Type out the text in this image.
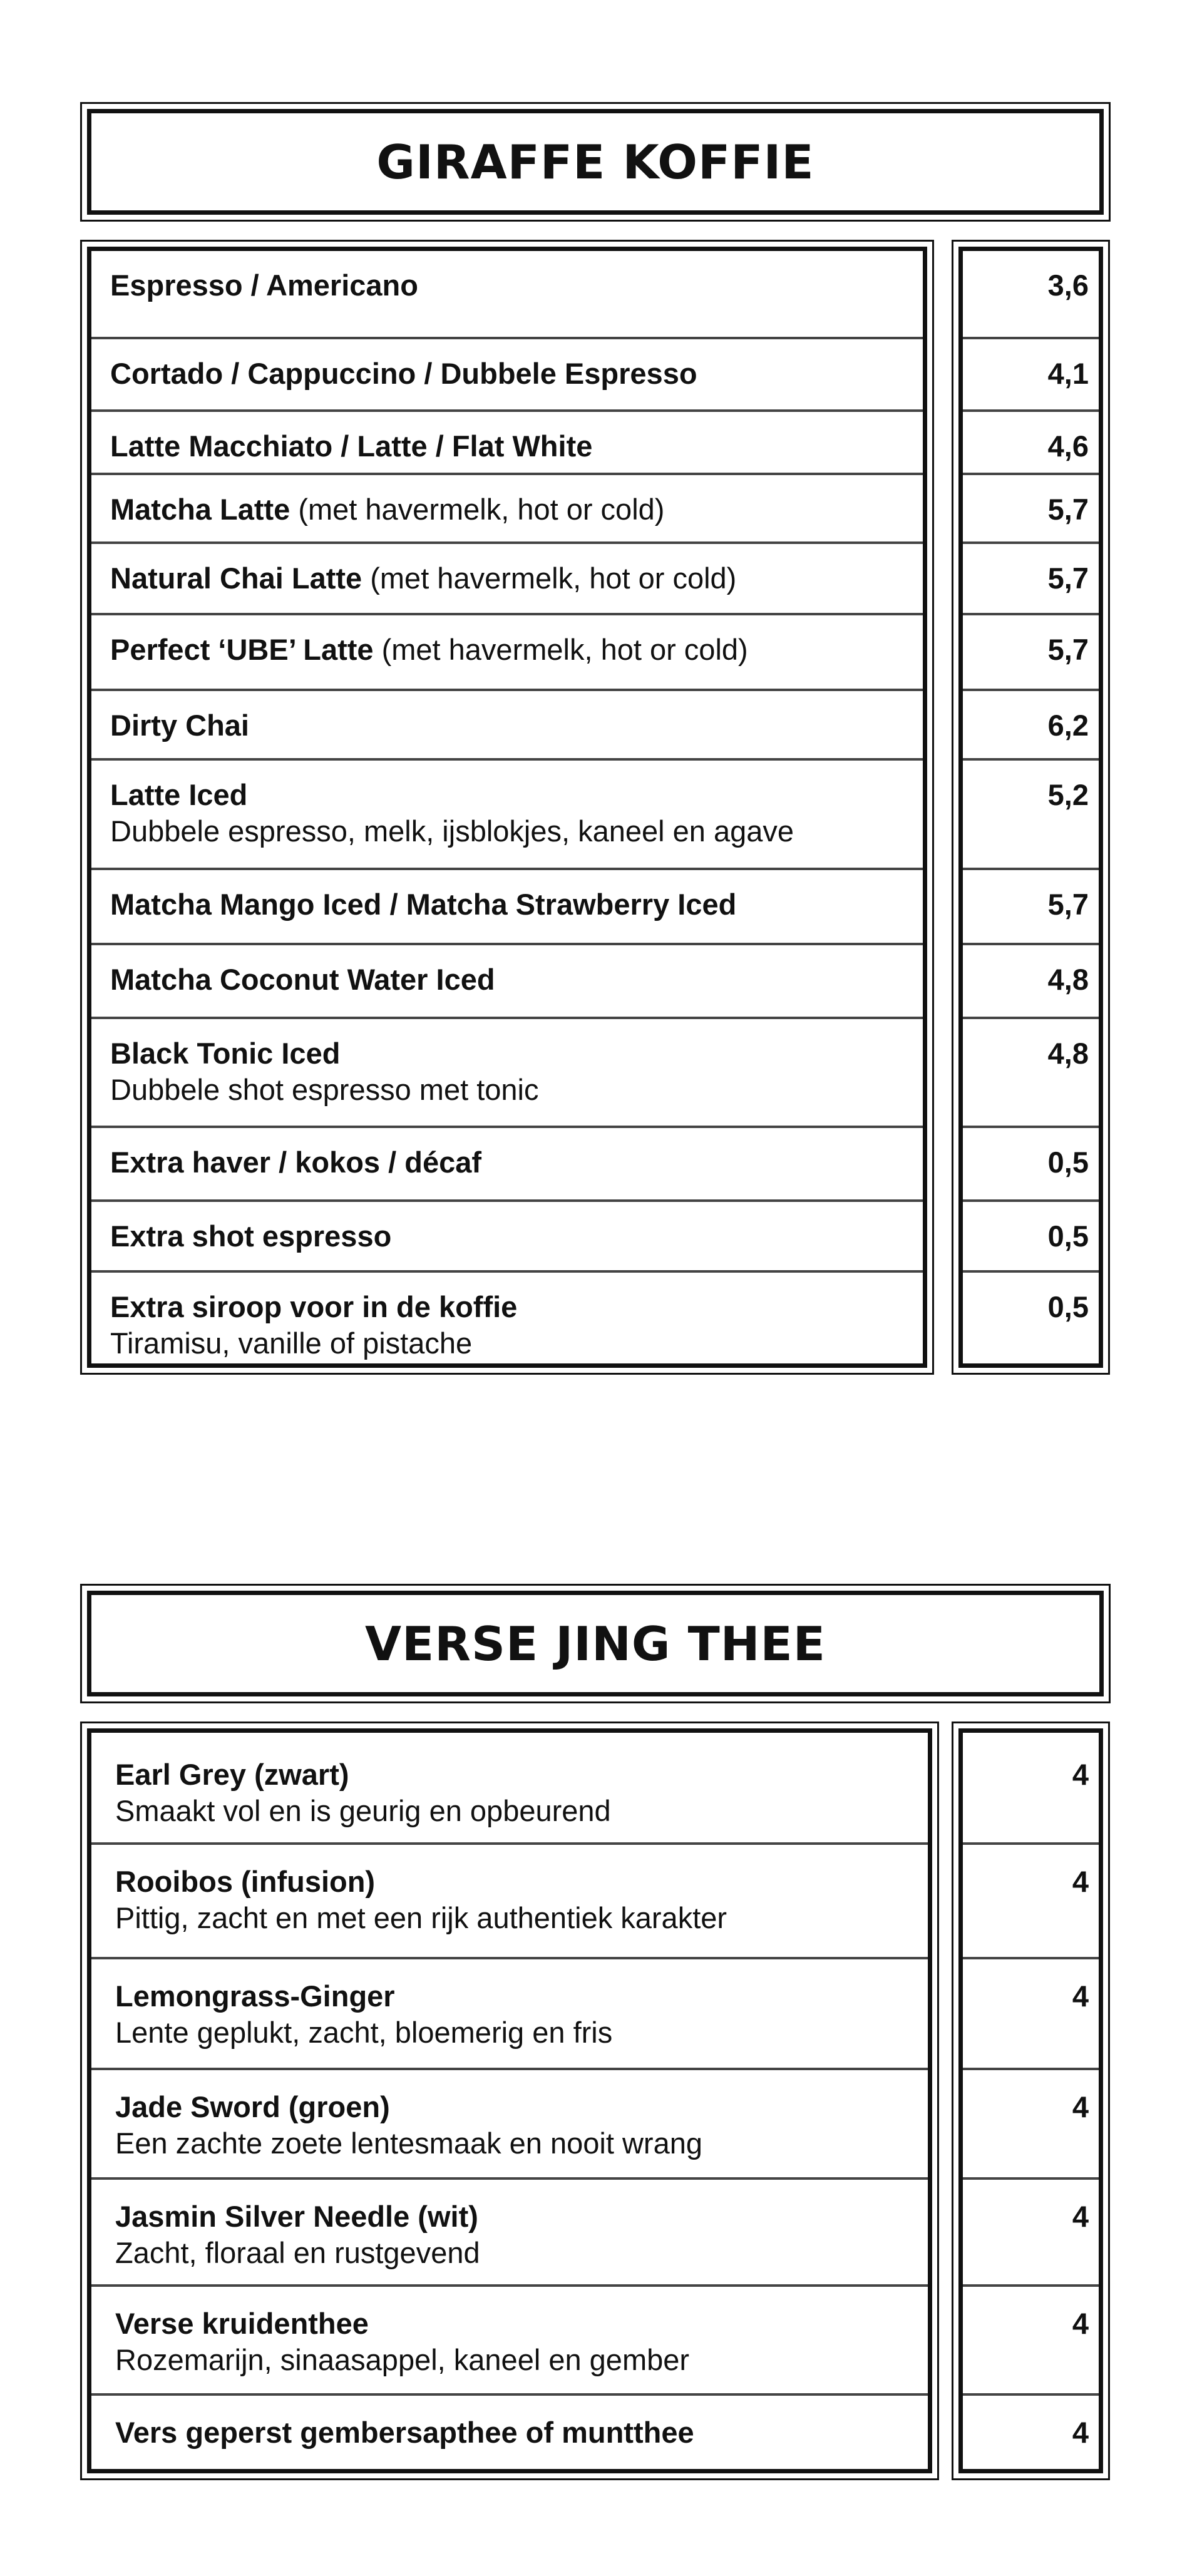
GIRAFFE KOFFIE
Espresso / Americano
Cortado / Cappuccino / Dubbele Espresso
Latte Macchiato / Latte / Flat White
Matcha Latte (met havermelk, hot or cold)
Natural Chai Latte (met havermelk, hot or cold)
Perfect ‘UBE’ Latte (met havermelk, hot or cold)
Dirty Chai
Latte Iced
Dubbele espresso, melk, ijsblokjes, kaneel en agave
Matcha Mango Iced / Matcha Strawberry Iced
Matcha Coconut Water Iced
Black Tonic Iced
Dubbele shot espresso met tonic
Extra haver / kokos / décaf
Extra shot espresso
Extra siroop voor in de koffie
Tiramisu, vanille of pistache
3,6
4,1
4,6
5,7
5,7
5,7
6,2
5,2
5,7
4,8
4,8
0,5
0,5
0,5
VERSE JING THEE
Earl Grey (zwart)
Smaakt vol en is geurig en opbeurend
Rooibos (infusion)
Pittig, zacht en met een rijk authentiek karakter
Lemongrass-Ginger
Lente geplukt, zacht, bloemerig en fris
Jade Sword (groen)
Een zachte zoete lentesmaak en nooit wrang
Jasmin Silver Needle (wit)
Zacht, floraal en rustgevend
Verse kruidenthee
Rozemarijn, sinaasappel, kaneel en gember
Vers geperst gembersapthee of muntthee
4
4
4
4
4
4
4
